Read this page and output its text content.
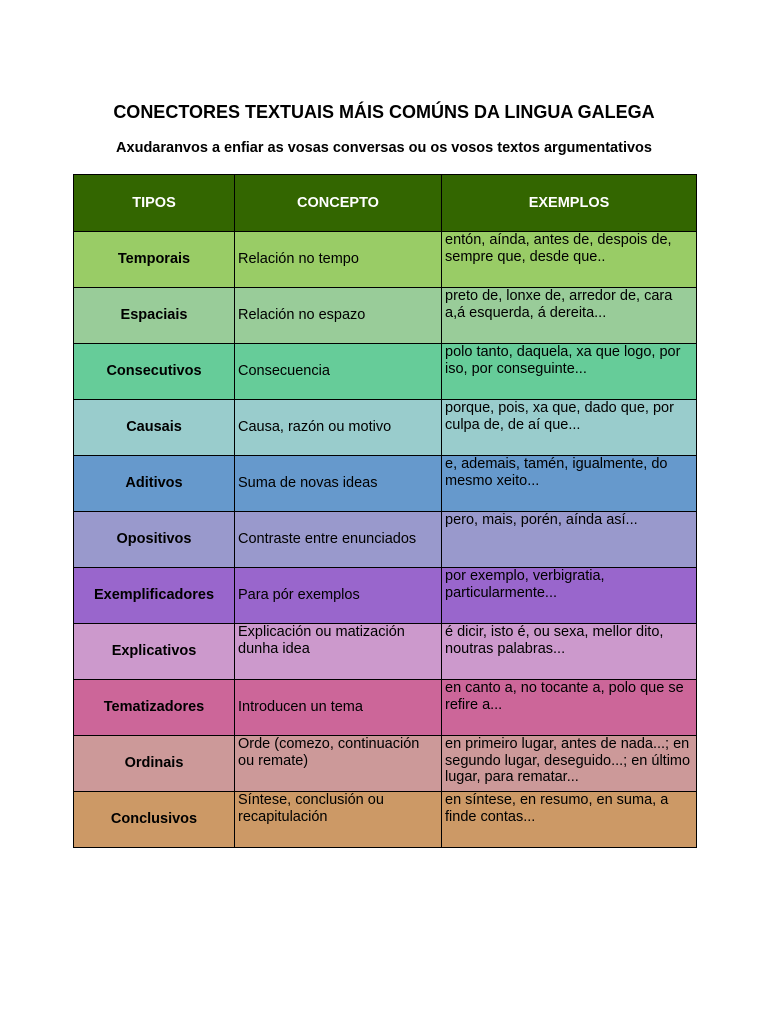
CONECTORES TEXTUAIS MÁIS COMÚNS DA LINGUA GALEGA
Axudaranvos a enfiar as vosas conversas ou os vosos textos argumentativos
TIPOS	CONCEPTO	EXEMPLOS
Temporais	Relación no tempo	entón, aínda, antes de, despois de, sempre que, desde que..
Espaciais	Relación no espazo	preto de, lonxe de, arredor de, cara a,á esquerda, á dereita...
Consecutivos	Consecuencia	polo tanto, daquela, xa que logo, por iso, por conseguinte...
Causais	Causa, razón ou motivo	porque, pois, xa que, dado que, por culpa de, de aí que...
Aditivos	Suma de novas ideas	e, ademais, tamén, igualmente, do mesmo xeito...
Opositivos	Contraste entre enunciados	pero, mais, porén, aínda así...
Exemplificadores	Para pór exemplos	por exemplo, verbigratia, particularmente...
Explicativos	Explicación ou matización dunha idea	é dicir, isto é, ou sexa, mellor dito, noutras palabras...
Tematizadores	Introducen un tema	en canto a, no tocante a, polo que se refire a...
Ordinais	Orde (comezo, continuación ou remate)	en primeiro lugar, antes de nada...; en segundo lugar, deseguido...; en último lugar, para rematar...
Conclusivos	Síntese, conclusión ou recapitulación	en síntese, en resumo, en suma, a finde contas...
